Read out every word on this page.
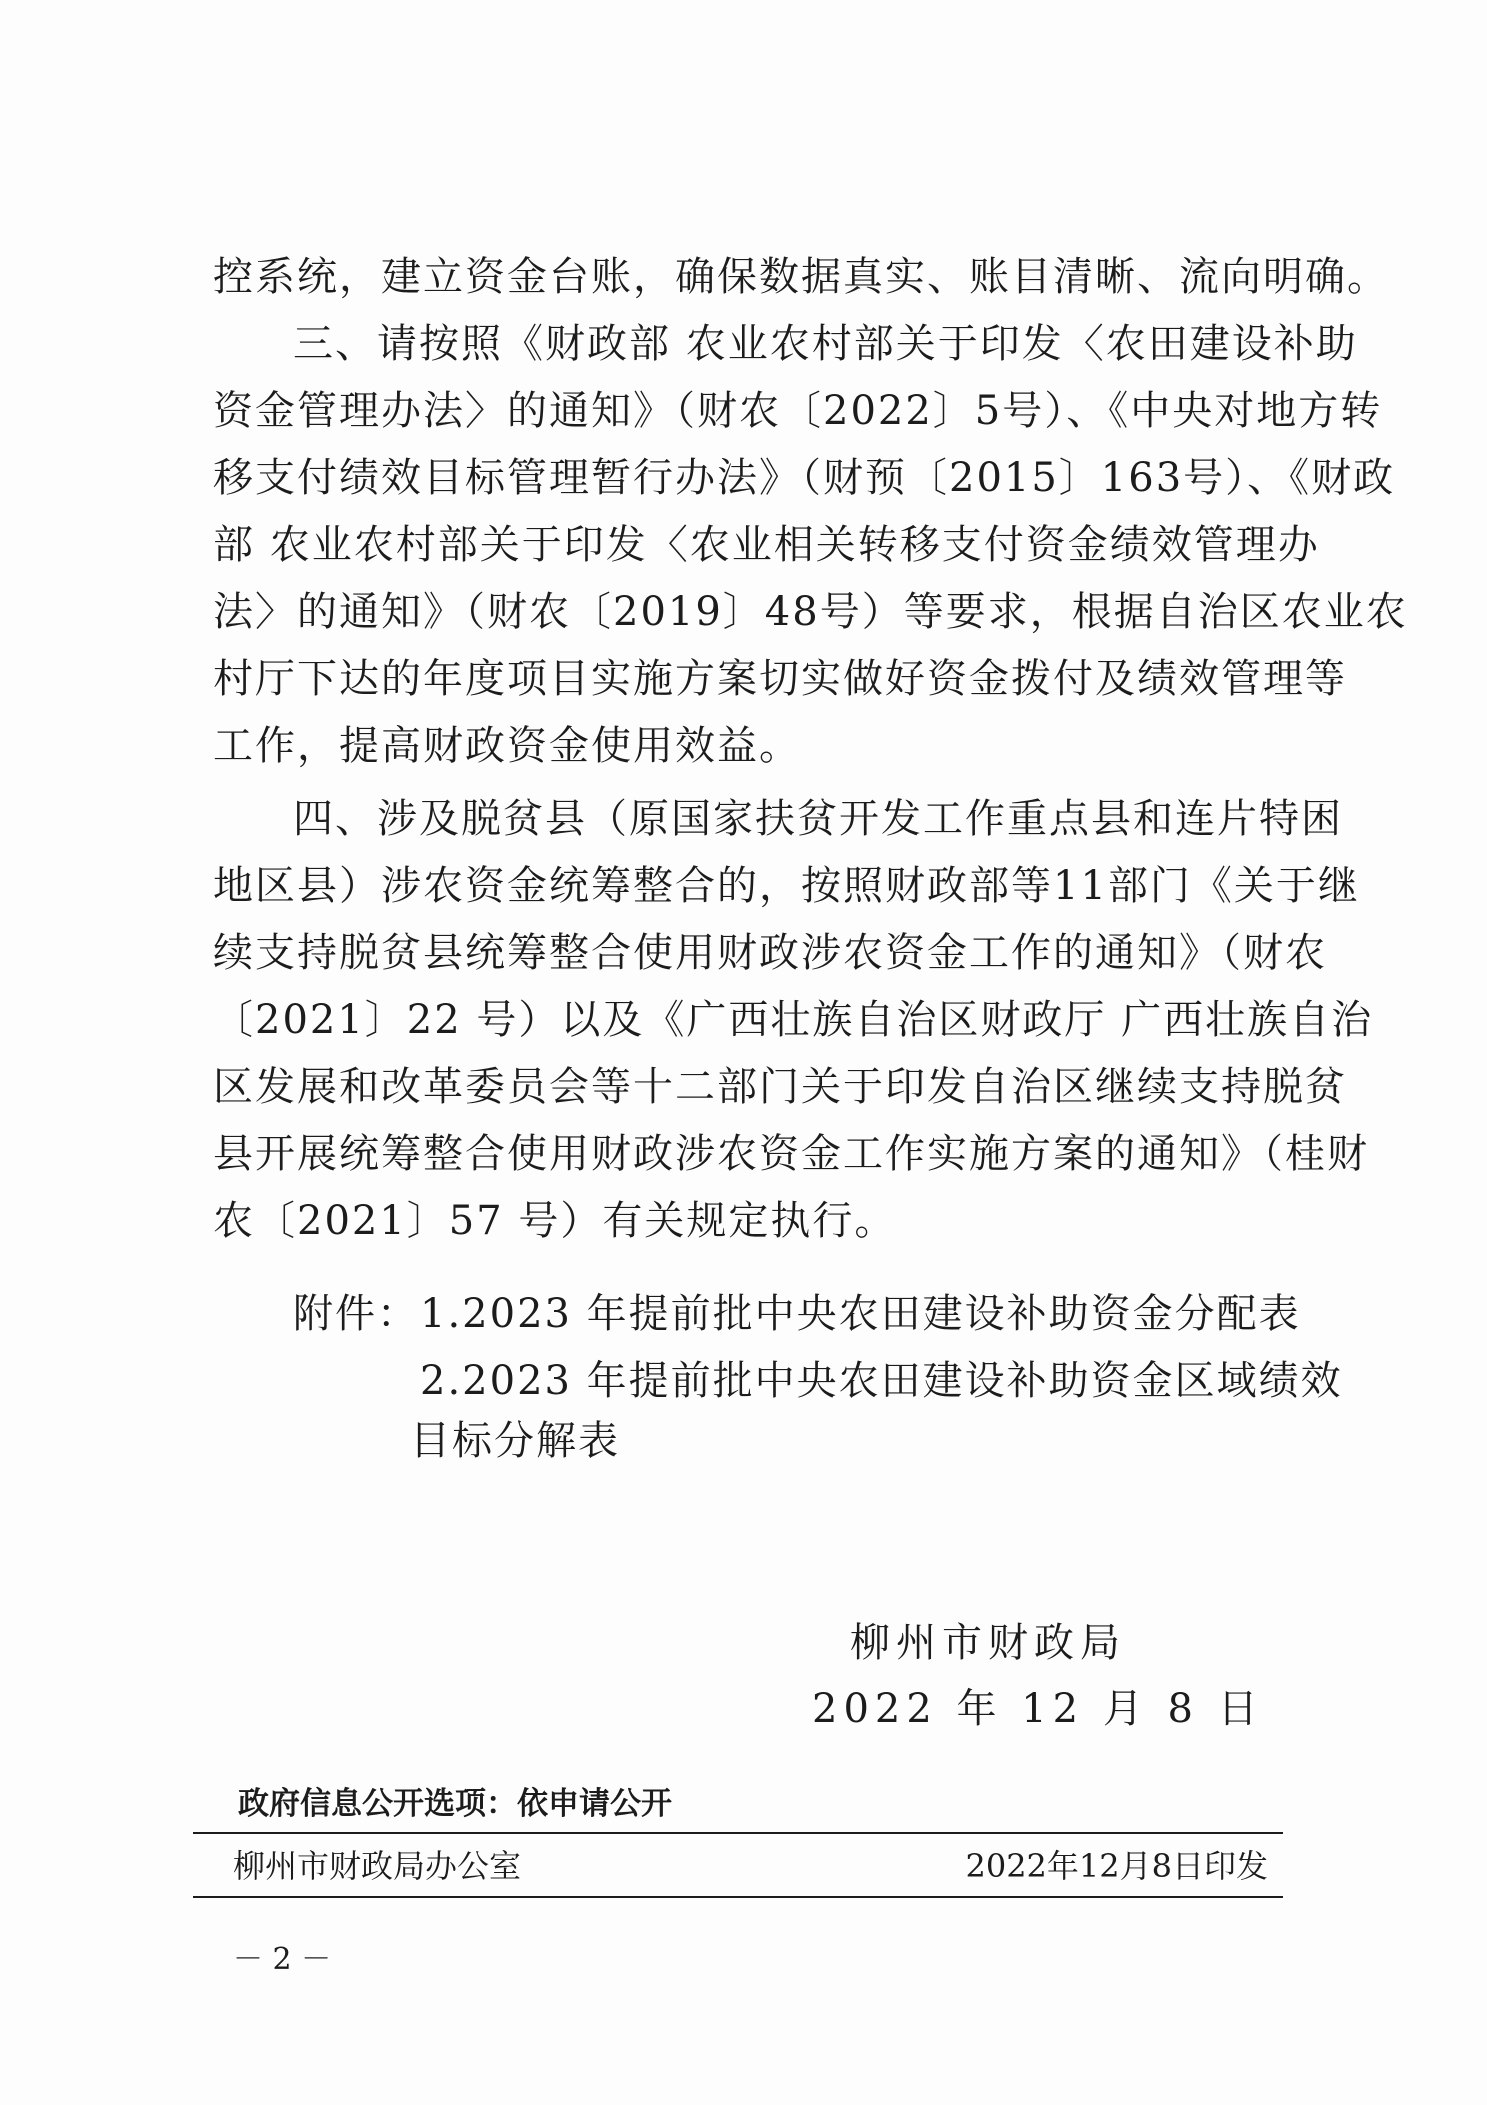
控系统，建立资金台账，确保数据真实、账目清晰、流向明确。
三、请按照《财政部 农业农村部关于印发〈农田建设补助
资金管理办法〉的通知》（财农〔2022〕5号）、《中央对地方转
移支付绩效目标管理暂行办法》（财预〔2015〕163号）、《财政
部 农业农村部关于印发〈农业相关转移支付资金绩效管理办
法〉的通知》（财农〔2019〕48号）等要求，根据自治区农业农
村厅下达的年度项目实施方案切实做好资金拨付及绩效管理等
工作，提高财政资金使用效益。
四、涉及脱贫县（原国家扶贫开发工作重点县和连片特困
地区县）涉农资金统筹整合的，按照财政部等11部门《关于继
续支持脱贫县统筹整合使用财政涉农资金工作的通知》（财农
〔2021〕22 号）以及《广西壮族自治区财政厅 广西壮族自治
区发展和改革委员会等十二部门关于印发自治区继续支持脱贫
县开展统筹整合使用财政涉农资金工作实施方案的通知》（桂财
农〔2021〕57 号）有关规定执行。
附件： 1.2023 年提前批中央农田建设补助资金分配表
2.2023 年提前批中央农田建设补助资金区域绩效
目标分解表
柳州市财政局
2022 年 12 月 8 日
政府信息公开选项：依申请公开
柳州市财政局办公室	2022年12月8日印发
－ 2 －
